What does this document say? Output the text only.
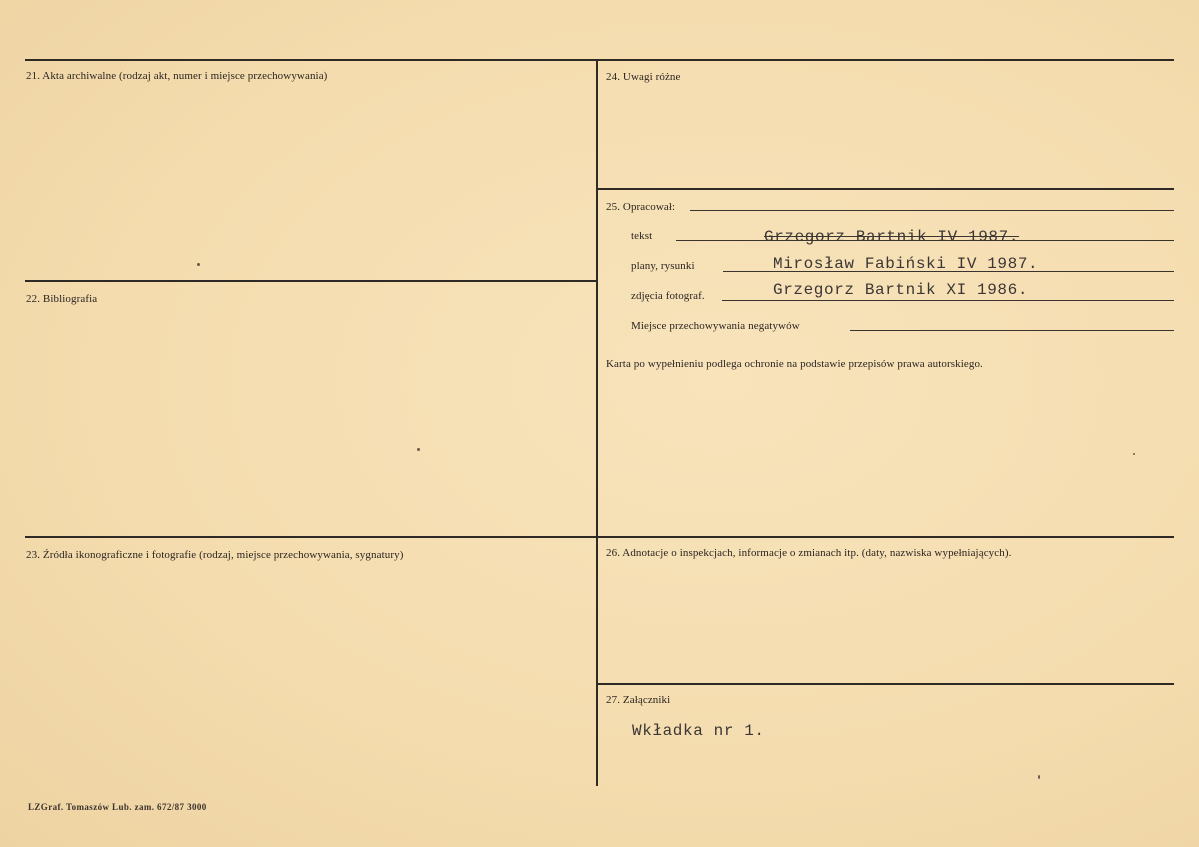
21. Akta archiwalne (rodzaj akt, numer i miejsce przechowywania)
22. Bibliografia
23. Źródła ikonograficzne i fotografie (rodzaj, miejsce przechowywania, sygnatury)
24. Uwagi różne
25. Opracował:
tekst	Grzegorz Bartnik IV 1987.
plany, rysunki	Mirosław Fabiński IV 1987.
zdjęcia fotograf.	Grzegorz Bartnik XI 1986.
Miejsce przechowywania negatywów
Karta po wypełnieniu podlega ochronie na podstawie przepisów prawa autorskiego.
26. Adnotacje o inspekcjach, informacje o zmianach itp. (daty, nazwiska wypełniających).
27. Załączniki
Wkładka nr 1.
LZGraf. Tomaszów Lub. zam. 672/87 3000
